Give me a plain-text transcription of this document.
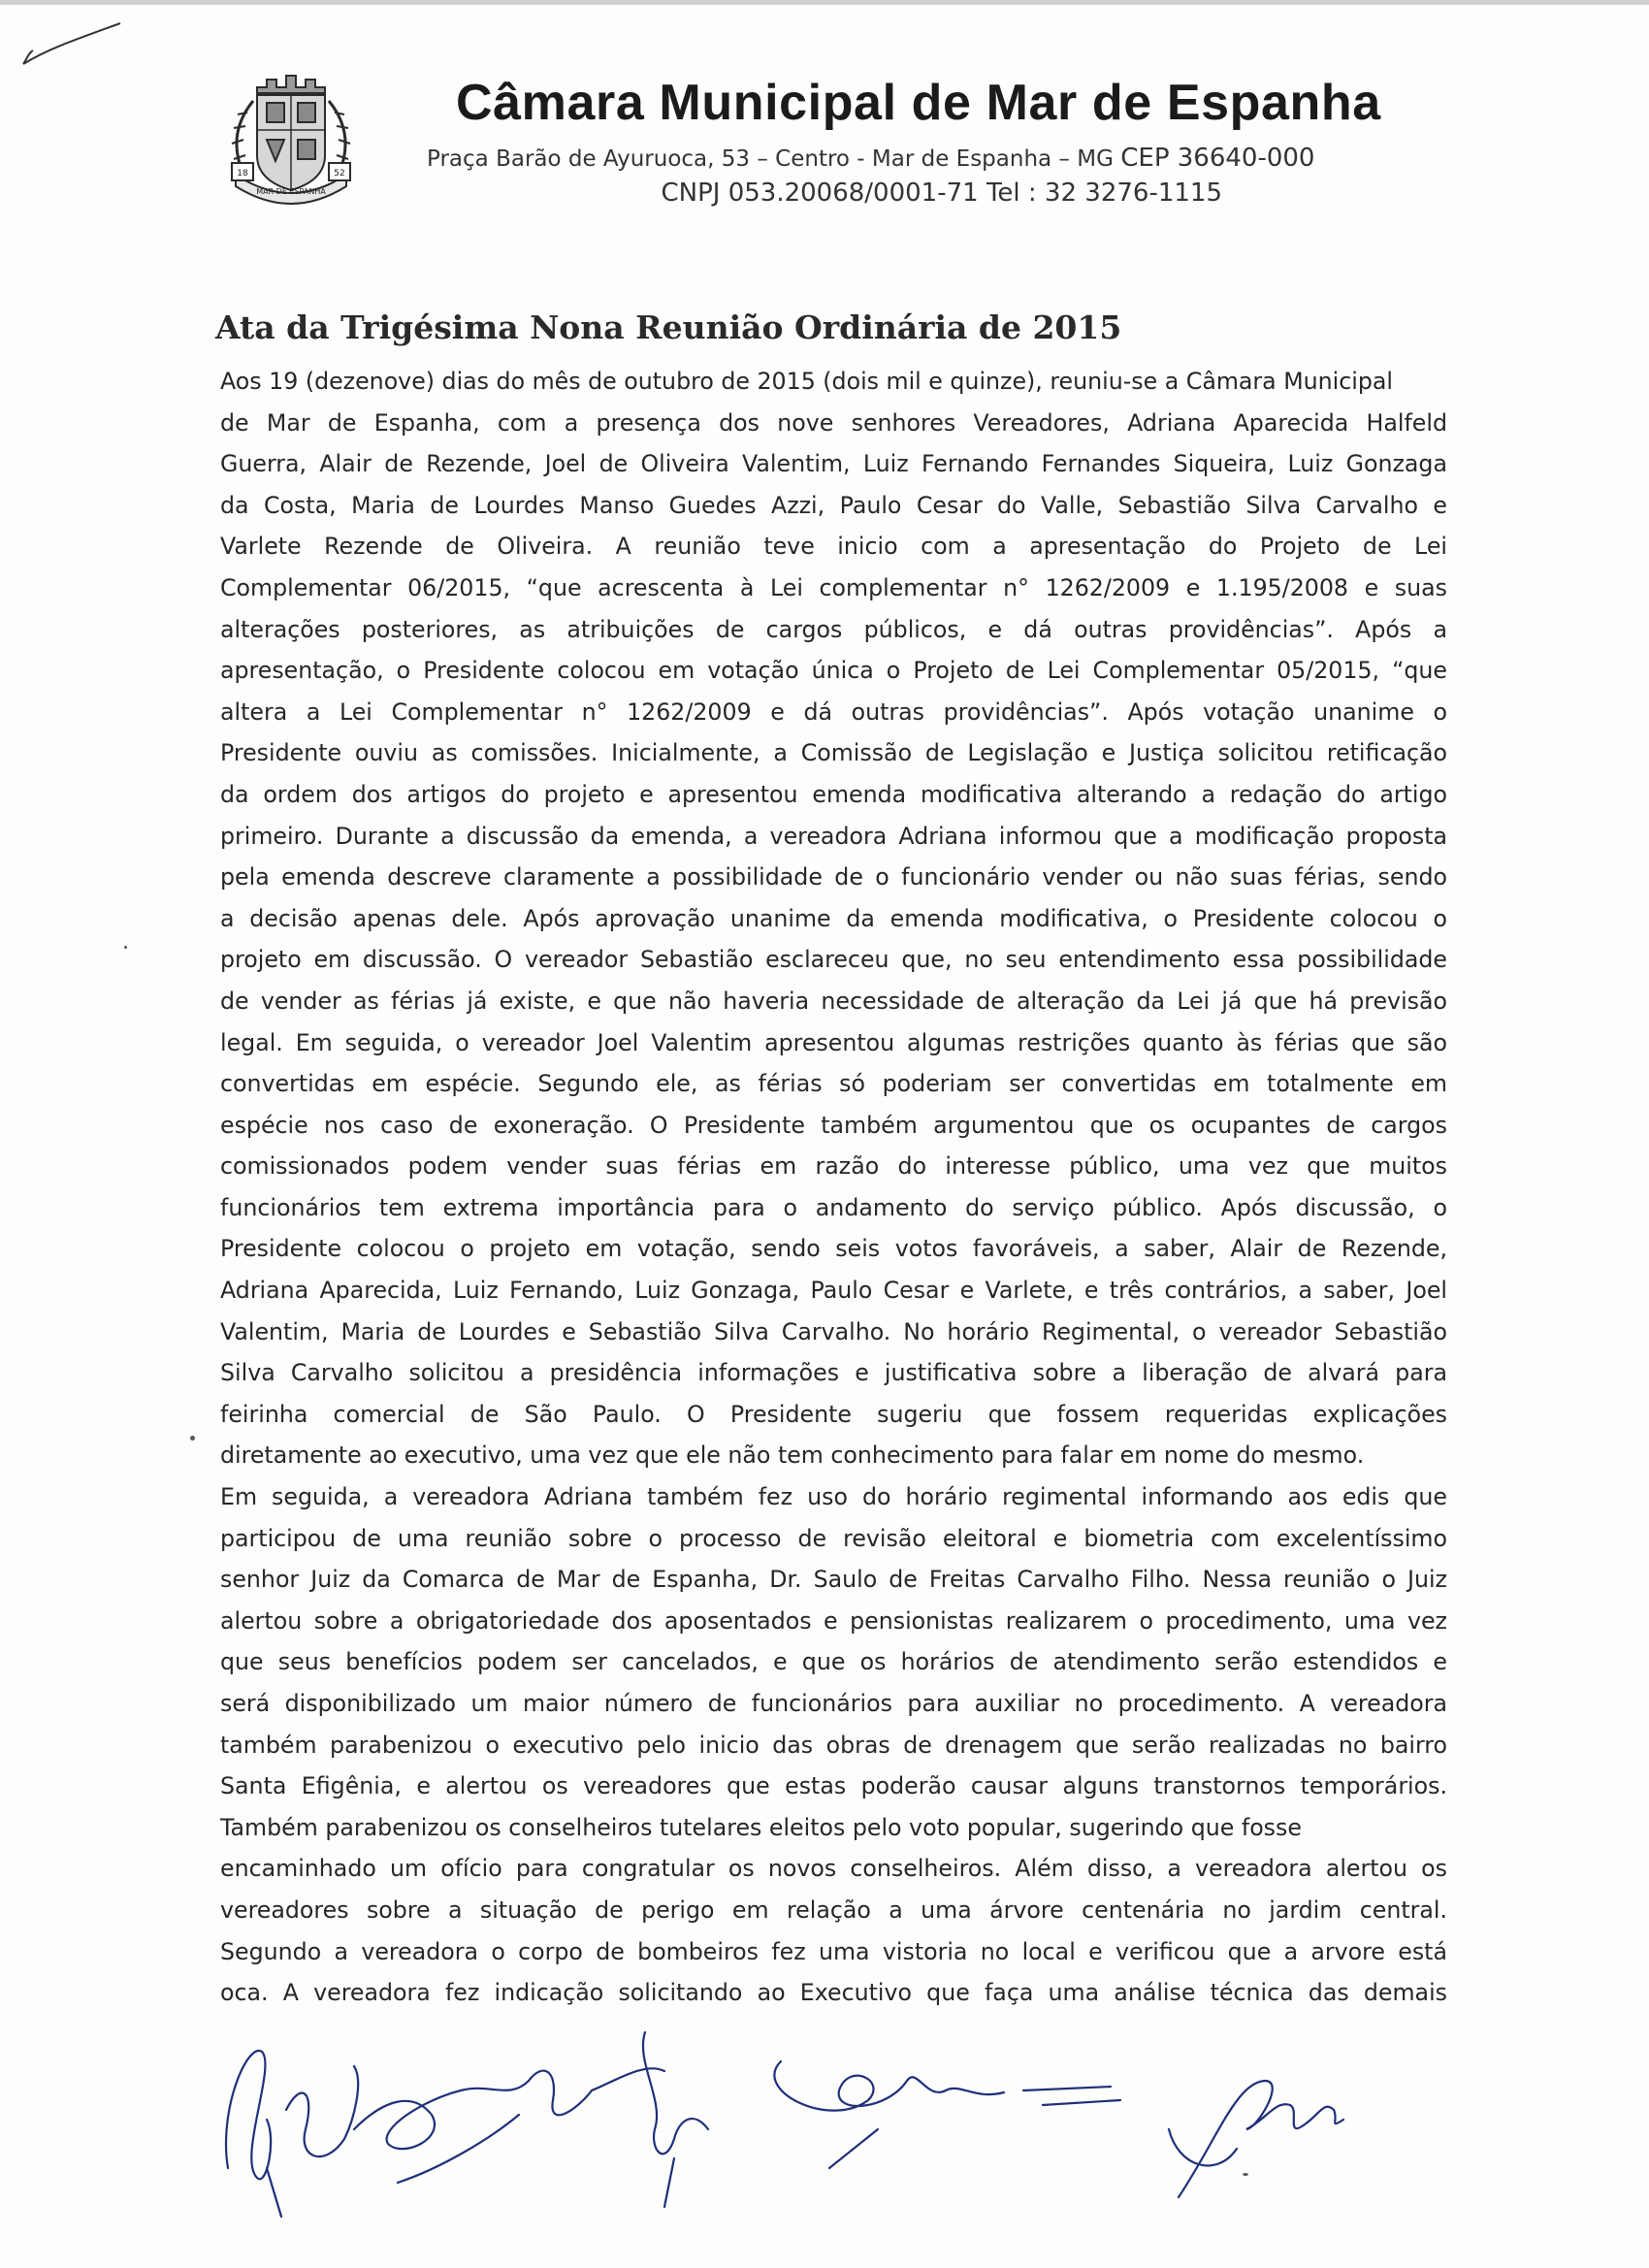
18	52
MAR DE ESPANHA
Câmara Municipal de Mar de Espanha
Praça Barão de Ayuruoca, 53 – Centro - Mar de Espanha – MG CEP 36640-000
CNPJ 053.20068/0001-71 Tel : 32 3276-1115
Ata da Trigésima Nona Reunião Ordinária de 2015
Aos 19 (dezenove) dias do mês de outubro de 2015 (dois mil e quinze), reuniu-se a Câmara Municipal
de Mar de Espanha, com a presença dos nove senhores Vereadores, Adriana Aparecida Halfeld
Guerra, Alair de Rezende, Joel de Oliveira Valentim, Luiz Fernando Fernandes Siqueira, Luiz Gonzaga
da Costa, Maria de Lourdes Manso Guedes Azzi, Paulo Cesar do Valle, Sebastião Silva Carvalho e
Varlete Rezende de Oliveira. A reunião teve inicio com a apresentação do Projeto de Lei
Complementar 06/2015, “que acrescenta à Lei complementar n° 1262/2009 e 1.195/2008 e suas
alterações posteriores, as atribuições de cargos públicos, e dá outras providências”. Após a
apresentação, o Presidente colocou em votação única o Projeto de Lei Complementar 05/2015, “que
altera a Lei Complementar n° 1262/2009 e dá outras providências”. Após votação unanime o
Presidente ouviu as comissões. Inicialmente, a Comissão de Legislação e Justiça solicitou retificação
da ordem dos artigos do projeto e apresentou emenda modificativa alterando a redação do artigo
primeiro. Durante a discussão da emenda, a vereadora Adriana informou que a modificação proposta
pela emenda descreve claramente a possibilidade de o funcionário vender ou não suas férias, sendo
a decisão apenas dele. Após aprovação unanime da emenda modificativa, o Presidente colocou o
projeto em discussão. O vereador Sebastião esclareceu que, no seu entendimento essa possibilidade
de vender as férias já existe, e que não haveria necessidade de alteração da Lei já que há previsão
legal. Em seguida, o vereador Joel Valentim apresentou algumas restrições quanto às férias que são
convertidas em espécie. Segundo ele, as férias só poderiam ser convertidas em totalmente em
espécie nos caso de exoneração. O Presidente também argumentou que os ocupantes de cargos
comissionados podem vender suas férias em razão do interesse público, uma vez que muitos
funcionários tem extrema importância para o andamento do serviço público. Após discussão, o
Presidente colocou o projeto em votação, sendo seis votos favoráveis, a saber, Alair de Rezende,
Adriana Aparecida, Luiz Fernando, Luiz Gonzaga, Paulo Cesar e Varlete, e três contrários, a saber, Joel
Valentim, Maria de Lourdes e Sebastião Silva Carvalho. No horário Regimental, o vereador Sebastião
Silva Carvalho solicitou a presidência informações e justificativa sobre a liberação de alvará para
feirinha comercial de São Paulo. O Presidente sugeriu que fossem requeridas explicações
diretamente ao executivo, uma vez que ele não tem conhecimento para falar em nome do mesmo.
Em seguida, a vereadora Adriana também fez uso do horário regimental informando aos edis que
participou de uma reunião sobre o processo de revisão eleitoral e biometria com excelentíssimo
senhor Juiz da Comarca de Mar de Espanha, Dr. Saulo de Freitas Carvalho Filho. Nessa reunião o Juiz
alertou sobre a obrigatoriedade dos aposentados e pensionistas realizarem o procedimento, uma vez
que seus benefícios podem ser cancelados, e que os horários de atendimento serão estendidos e
será disponibilizado um maior número de funcionários para auxiliar no procedimento. A vereadora
também parabenizou o executivo pelo inicio das obras de drenagem que serão realizadas no bairro
Santa Efigênia, e alertou os vereadores que estas poderão causar alguns transtornos temporários.
Também parabenizou os conselheiros tutelares eleitos pelo voto popular, sugerindo que fosse
encaminhado um ofício para congratular os novos conselheiros. Além disso, a vereadora alertou os
vereadores sobre a situação de perigo em relação a uma árvore centenária no jardim central.
Segundo a vereadora o corpo de bombeiros fez uma vistoria no local e verificou que a arvore está
oca. A vereadora fez indicação solicitando ao Executivo que faça uma análise técnica das demais
